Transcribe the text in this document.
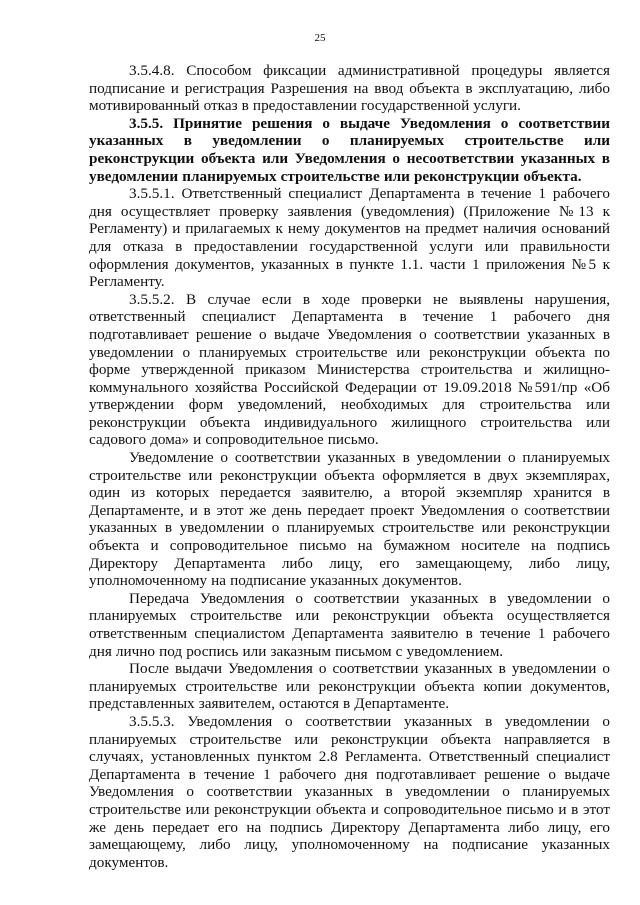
25

3.5.4.8. Способом фиксации административной процедуры является подписание и регистрация Разрешения на ввод объекта в эксплуатацию, либо мотивированный отказ в предоставлении государственной услуги.

3.5.5. Принятие решения о выдаче Уведомления о соответствии указанных в уведомлении о планируемых строительстве или реконструкции объекта или Уведомления о несоответствии указанных в уведомлении планируемых строительстве или реконструкции объекта.

3.5.5.1. Ответственный специалист Департамента в течение 1 рабочего дня осуществляет проверку заявления (уведомления) (Приложение №13 к Регламенту) и прилагаемых к нему документов на предмет наличия оснований для отказа в предоставлении государственной услуги или правильности оформления документов, указанных в пункте 1.1. части 1 приложения №5 к Регламенту.

3.5.5.2. В случае если в ходе проверки не выявлены нарушения, ответственный специалист Департамента в течение 1 рабочего дня подготавливает решение о выдаче Уведомления о соответствии указанных в уведомлении о планируемых строительстве или реконструкции объекта по форме утвержденной приказом Министерства строительства и жилищно-коммунального хозяйства Российской Федерации от 19.09.2018 №591/пр «Об утверждении форм уведомлений, необходимых для строительства или реконструкции объекта индивидуального жилищного строительства или садового дома» и сопроводительное письмо.

Уведомление о соответствии указанных в уведомлении о планируемых строительстве или реконструкции объекта оформляется в двух экземплярах, один из которых передается заявителю, а второй экземпляр хранится в Департаменте, и в этот же день передает проект Уведомления о соответствии указанных в уведомлении о планируемых строительстве или реконструкции объекта и сопроводительное письмо на бумажном носителе на подпись Директору Департамента либо лицу, его замещающему, либо лицу, уполномоченному на подписание указанных документов.

Передача Уведомления о соответствии указанных в уведомлении о планируемых строительстве или реконструкции объекта осуществляется ответственным специалистом Департамента заявителю в течение 1 рабочего дня лично под роспись или заказным письмом с уведомлением.

После выдачи Уведомления о соответствии указанных в уведомлении о планируемых строительстве или реконструкции объекта копии документов, представленных заявителем, остаются в Департаменте.

3.5.5.3. Уведомления о соответствии указанных в уведомлении о планируемых строительстве или реконструкции объекта направляется в случаях, установленных пунктом 2.8 Регламента. Ответственный специалист Департамента в течение 1 рабочего дня подготавливает решение о выдаче Уведомления о соответствии указанных в уведомлении о планируемых строительстве или реконструкции объекта и сопроводительное письмо и в этот же день передает его на подпись Директору Департамента либо лицу, его замещающему, либо лицу, уполномоченному на подписание указанных документов.
